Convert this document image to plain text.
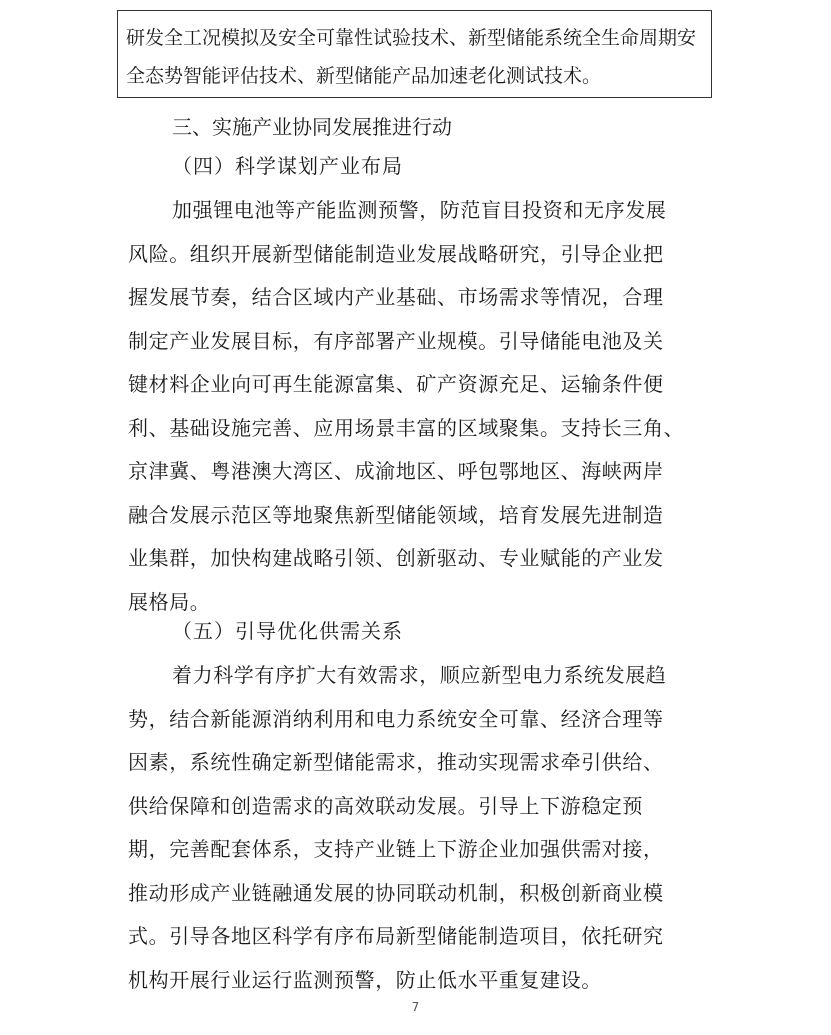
研发全工况模拟及安全可靠性试验技术、新型储能系统全生命周期安
全态势智能评估技术、新型储能产品加速老化测试技术。
三、实施产业协同发展推进行动
（四）科学谋划产业布局
加强锂电池等产能监测预警，防范盲目投资和无序发展
风险。组织开展新型储能制造业发展战略研究，引导企业把
握发展节奏，结合区域内产业基础、市场需求等情况，合理
制定产业发展目标，有序部署产业规模。引导储能电池及关
键材料企业向可再生能源富集、矿产资源充足、运输条件便
利、基础设施完善、应用场景丰富的区域聚集。支持长三角、
京津冀、粤港澳大湾区、成渝地区、呼包鄂地区、海峡两岸
融合发展示范区等地聚焦新型储能领域，培育发展先进制造
业集群，加快构建战略引领、创新驱动、专业赋能的产业发
展格局。
（五）引导优化供需关系
着力科学有序扩大有效需求，顺应新型电力系统发展趋
势，结合新能源消纳利用和电力系统安全可靠、经济合理等
因素，系统性确定新型储能需求，推动实现需求牵引供给、
供给保障和创造需求的高效联动发展。引导上下游稳定预
期，完善配套体系，支持产业链上下游企业加强供需对接，
推动形成产业链融通发展的协同联动机制，积极创新商业模
式。引导各地区科学有序布局新型储能制造项目，依托研究
机构开展行业运行监测预警，防止低水平重复建设。
7
